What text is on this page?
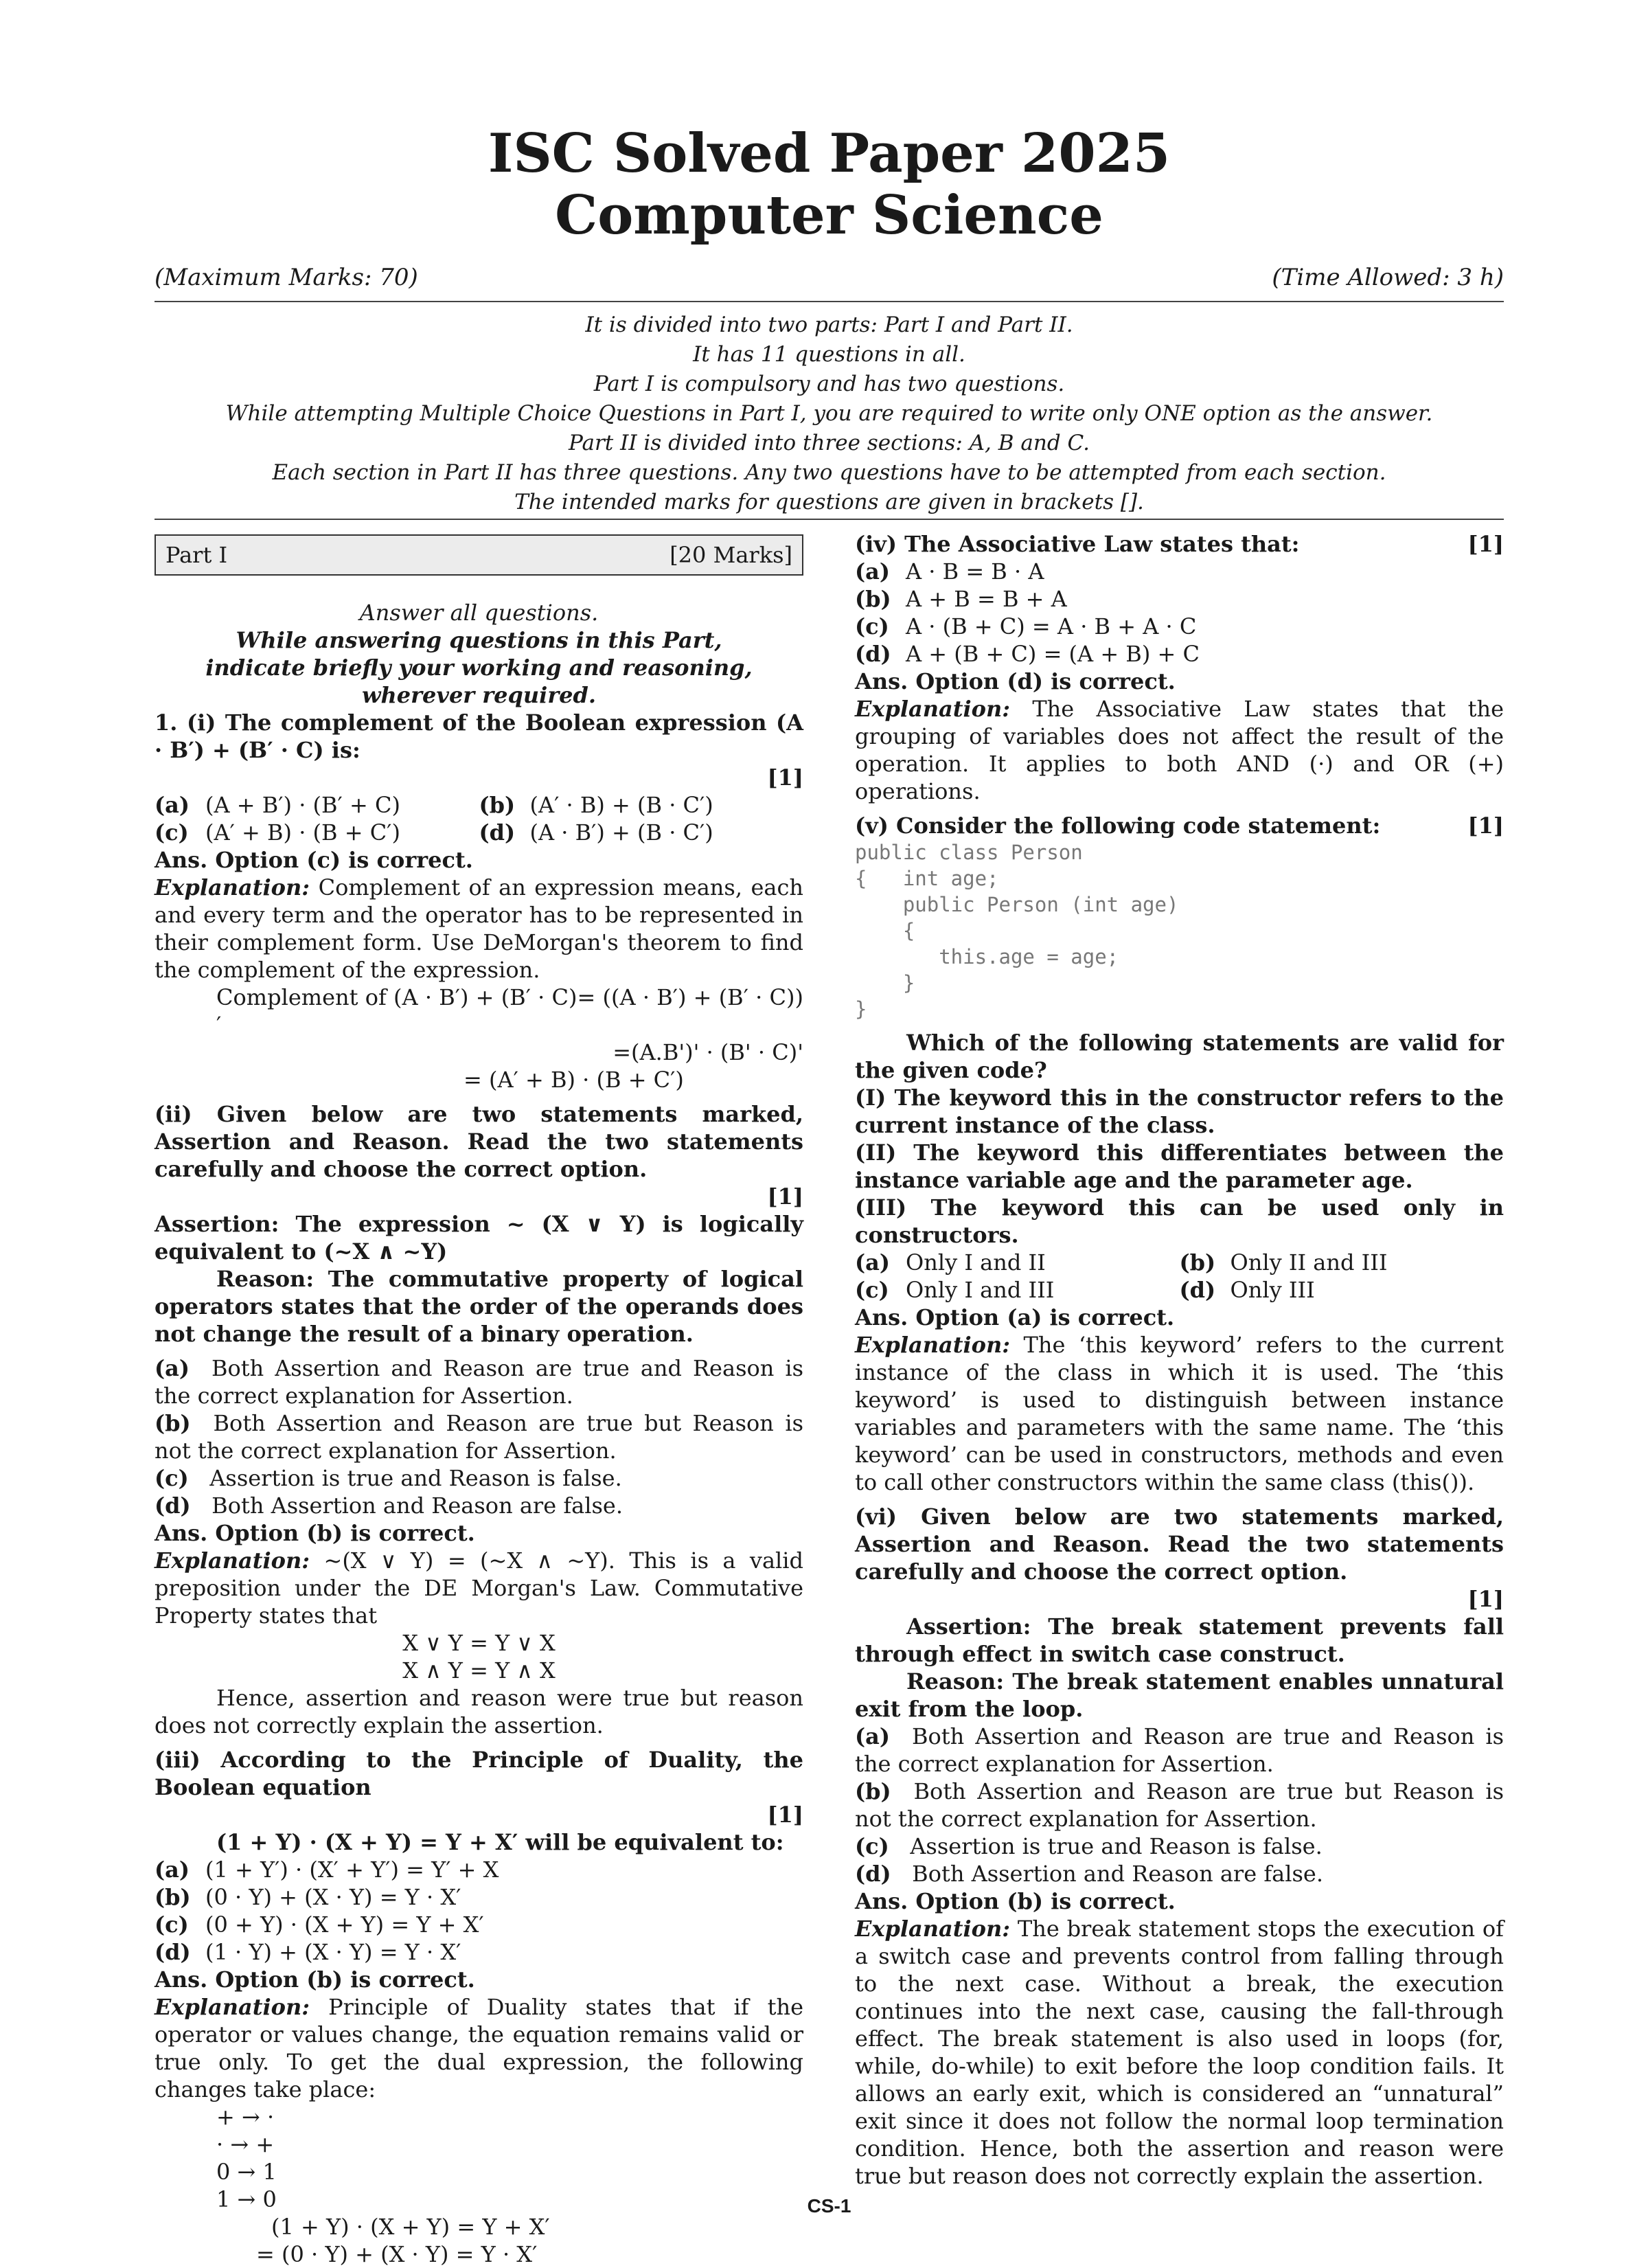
ISC Solved Paper 2025
Computer Science
(Maximum Marks: 70)	(Time Allowed: 3 h)

It is divided into two parts: Part I and Part II.

It has 11 questions in all.

Part I is compulsory and has two questions.

While attempting Multiple Choice Questions in Part I, you are required to write only ONE option as the answer.

Part II is divided into three sections: A, B and C.

Each section in Part II has three questions. Any two questions have to be attempted from each section.

The intended marks for questions are given in brackets [].

Part I	[20 Marks]

Answer all questions.

While answering questions in this Part, indicate briefly your working and reasoning, wherever required.

1. (i) The complement of the Boolean expression (A · B′) + (B′ · C) is:

[1]

(a) (A + B′) · (B′ + C)	(b) (A′ · B) + (B · C′)
(c) (A′ + B) · (B + C′)	(d) (A · B′) + (B · C′)

Ans. Option (c) is correct.

Explanation: Complement of an expression means, each and every term and the operator has to be represented in their complement form. Use DeMorgan's theorem to find the complement of the expression.

Complement of (A · B′) + (B′ · C)= ((A · B′) + (B′ · C))′

=(A.B')' · (B' · C)'

= (A′ + B) · (B + C′)

(ii) Given below are two statements marked, Assertion and Reason. Read the two statements carefully and choose the correct option.

[1]

Assertion: The expression ~ (X ∨ Y) is logically equivalent to (~X ∧ ~Y)

Reason: The commutative property of logical operators states that the order of the operands does not change the result of a binary operation.

(a) Both Assertion and Reason are true and Reason is the correct explanation for Assertion.

(b) Both Assertion and Reason are true but Reason is not the correct explanation for Assertion.

(c) Assertion is true and Reason is false.

(d) Both Assertion and Reason are false.

Ans. Option (b) is correct.

Explanation: ~(X ∨ Y) = (~X ∧ ~Y). This is a valid preposition under the DE Morgan's Law. Commutative Property states that

X ∨ Y = Y ∨ X

X ∧ Y = Y ∧ X

Hence, assertion and reason were true but reason does not correctly explain the assertion.

(iii) According to the Principle of Duality, the Boolean equation

[1]

(1 + Y) · (X + Y) = Y + X′ will be equivalent to:

(a) (1 + Y′) · (X′ + Y′) = Y′ + X
(b) (0 · Y) + (X · Y) = Y · X′
(c) (0 + Y) · (X + Y) = Y + X′
(d) (1 · Y) + (X · Y) = Y · X′

Ans. Option (b) is correct.

Explanation: Principle of Duality states that if the operator or values change, the equation remains valid or true only. To get the dual expression, the following changes take place:

+ → ·

· → +

0 → 1

1 → 0

(1 + Y) · (X + Y) = Y + X′

= (0 · Y) + (X · Y) = Y · X′

(iv) The Associative Law states that:	[1]
(a) A · B = B · A
(b) A + B = B + A
(c) A · (B + C) = A · B + A · C
(d) A + (B + C) = (A + B) + C

Ans. Option (d) is correct.

Explanation: The Associative Law states that the grouping of variables does not affect the result of the operation. It applies to both AND (·) and OR (+) operations.

(v) Consider the following code statement:	[1]
public class Person
{   int age;
public Person (int age)
{
this.age = age;
}
}

Which of the following statements are valid for the given code?

(I) The keyword this in the constructor refers to the current instance of the class.

(II) The keyword this differentiates between the instance variable age and the parameter age.

(III) The keyword this can be used only in constructors.

(a) Only I and II	(b) Only II and III
(c) Only I and III	(d) Only III

Ans. Option (a) is correct.

Explanation: The ‘this keyword’ refers to the current instance of the class in which it is used. The ‘this keyword’ is used to distinguish between instance variables and parameters with the same name. The ‘this keyword’ can be used in constructors, methods and even to call other constructors within the same class (this()).

(vi) Given below are two statements marked, Assertion and Reason. Read the two statements carefully and choose the correct option.

[1]

Assertion: The break statement prevents fall through effect in switch case construct.

Reason: The break statement enables unnatural exit from the loop.

(a) Both Assertion and Reason are true and Reason is the correct explanation for Assertion.

(b) Both Assertion and Reason are true but Reason is not the correct explanation for Assertion.

(c) Assertion is true and Reason is false.

(d) Both Assertion and Reason are false.

Ans. Option (b) is correct.

Explanation: The break statement stops the execution of a switch case and prevents control from falling through to the next case. Without a break, the execution continues into the next case, causing the fall-through effect. The break statement is also used in loops (for, while, do-while) to exit before the loop condition fails. It allows an early exit, which is considered an “unnatural” exit since it does not follow the normal loop termination condition. Hence, both the assertion and reason were true but reason does not correctly explain the assertion.

CS-1
